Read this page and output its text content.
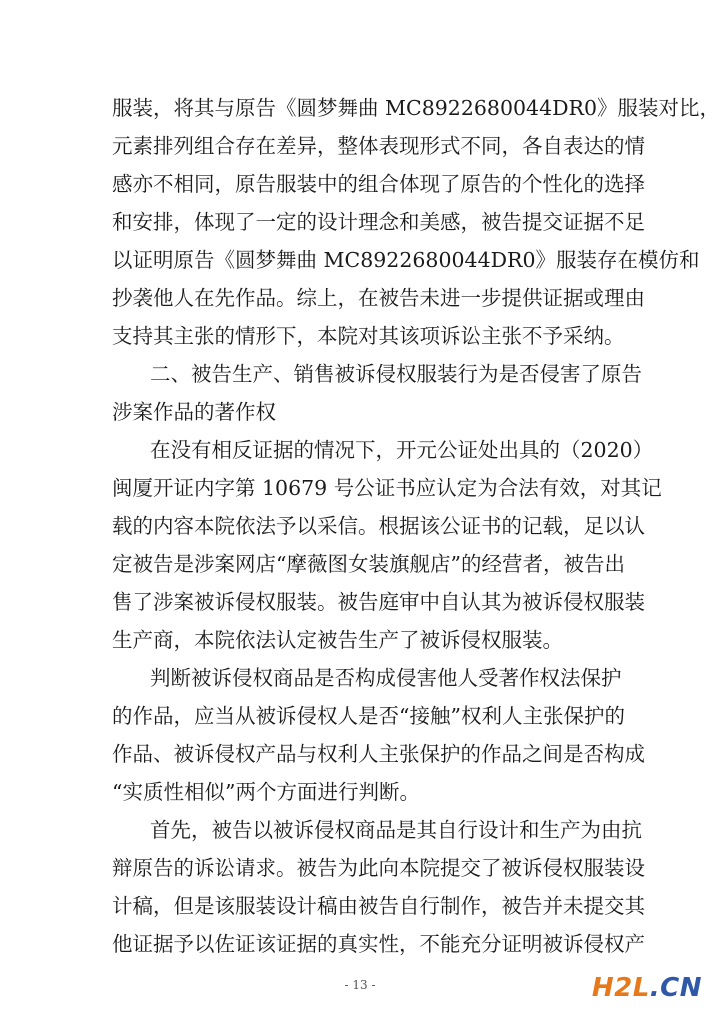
服装，将其与原告《圆梦舞曲 MC8922680044DR0》服装对比，
元素排列组合存在差异，整体表现形式不同，各自表达的情
感亦不相同，原告服装中的组合体现了原告的个性化的选择
和安排，体现了一定的设计理念和美感，被告提交证据不足
以证明原告《圆梦舞曲 MC8922680044DR0》服装存在模仿和
抄袭他人在先作品。综上，在被告未进一步提供证据或理由
支持其主张的情形下，本院对其该项诉讼主张不予采纳。
二、被告生产、销售被诉侵权服装行为是否侵害了原告
涉案作品的著作权
在没有相反证据的情况下，开元公证处出具的（2020）
闽厦开证内字第 10679 号公证书应认定为合法有效，对其记
载的内容本院依法予以采信。根据该公证书的记载，足以认
定被告是涉案网店“摩薇图女装旗舰店”的经营者，被告出
售了涉案被诉侵权服装。被告庭审中自认其为被诉侵权服装
生产商，本院依法认定被告生产了被诉侵权服装。
判断被诉侵权商品是否构成侵害他人受著作权法保护
的作品，应当从被诉侵权人是否“接触”权利人主张保护的
作品、被诉侵权产品与权利人主张保护的作品之间是否构成
“实质性相似”两个方面进行判断。
首先，被告以被诉侵权商品是其自行设计和生产为由抗
辩原告的诉讼请求。被告为此向本院提交了被诉侵权服装设
计稿，但是该服装设计稿由被告自行制作，被告并未提交其
他证据予以佐证该证据的真实性，不能充分证明被诉侵权产
- 13 -	H2L.CN
